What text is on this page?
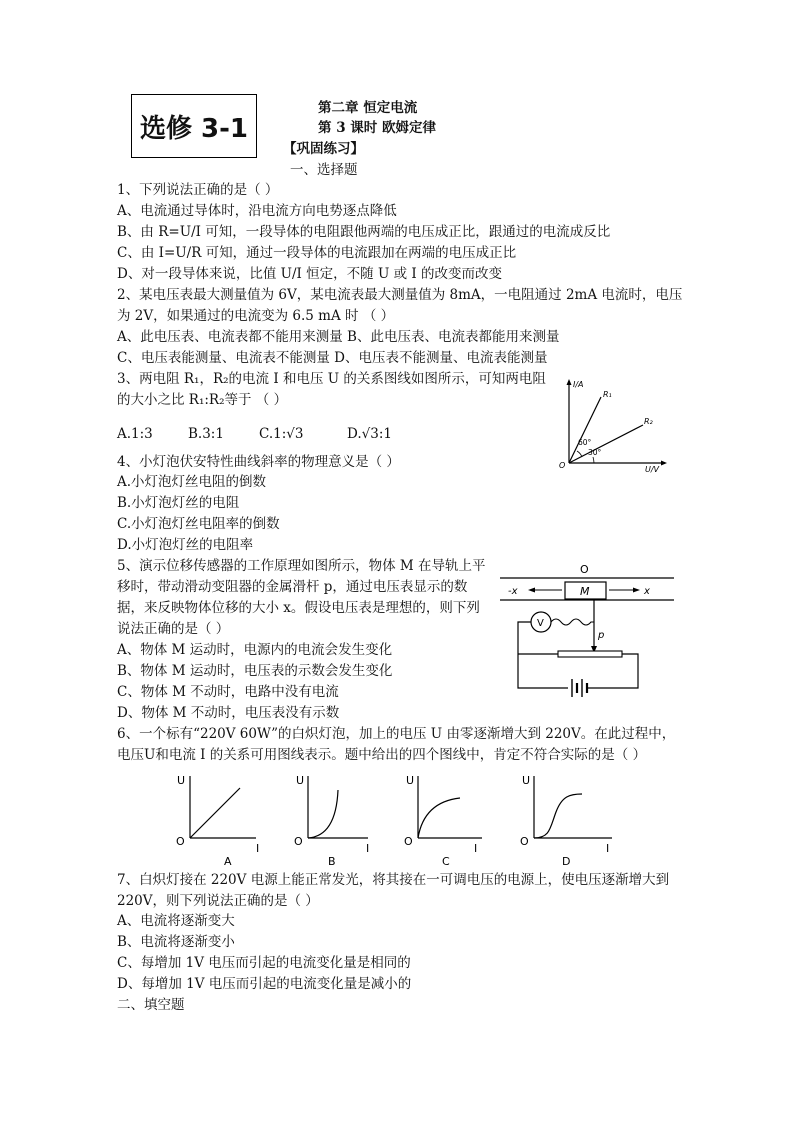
选修 3-1
第二章 恒定电流
第 3 课时 欧姆定律
【巩固练习】
一、选择题
1、下列说法正确的是（ ）
A、电流通过导体时，沿电流方向电势逐点降低
B、由 R=U/I 可知，一段导体的电阻跟他两端的电压成正比，跟通过的电流成反比
C、由 I=U/R 可知，通过一段导体的电流跟加在两端的电压成正比
D、对一段导体来说，比值 U/I 恒定，不随 U 或 I 的改变而改变
2、某电压表最大测量值为 6V，某电流表最大测量值为 8mA，一电阻通过 2mA 电流时，电压
为 2V，如果通过的电流变为 6.5 mA 时 （ ）
A、此电压表、电流表都不能用来测量 B、此电压表、电流表都能用来测量
C、电压表能测量、电流表不能测量 D、电压表不能测量、电流表能测量
3、两电阻 R₁，R₂的电流 I 和电压 U 的关系图线如图所示，可知两电阻
的大小之比 R₁:R₂等于 （ ）
A.1:3	B.3:1	C.1:√3	D.√3:1
I/A
U/V
O
R₁
R₂
60°
30°
4、小灯泡伏安特性曲线斜率的物理意义是（ ）
A.小灯泡灯丝电阻的倒数
B.小灯泡灯丝的电阻
C.小灯泡灯丝电阻率的倒数
D.小灯泡灯丝的电阻率
5、演示位移传感器的工作原理如图所示，物体 M 在导轨上平
移时，带动滑动变阻器的金属滑杆 p，通过电压表显示的数
据，来反映物体位移的大小 x。假设电压表是理想的，则下列
说法正确的是（ ）
A、物体 M 运动时，电源内的电流会发生变化
B、物体 M 运动时，电压表的示数会发生变化
C、物体 M 不动时，电路中没有电流
D、物体 M 不动时，电压表没有示数
O
M
-x	x
p
V
6、一个标有“220V 60W”的白炽灯泡，加上的电压 U 由零逐渐增大到 220V。在此过程中，
电压U和电流 I 的关系可用图线表示。题中给出的四个图线中，肯定不符合实际的是（ ）
U
O
I
A
U
O
I
B
U
O
I
C
U
O
I
D
7、白炽灯接在 220V 电源上能正常发光，将其接在一可调电压的电源上，使电压逐渐增大到
220V，则下列说法正确的是（ ）
A、电流将逐渐变大
B、电流将逐渐变小
C、每增加 1V 电压而引起的电流变化量是相同的
D、每增加 1V 电压而引起的电流变化量是减小的
二、填空题
